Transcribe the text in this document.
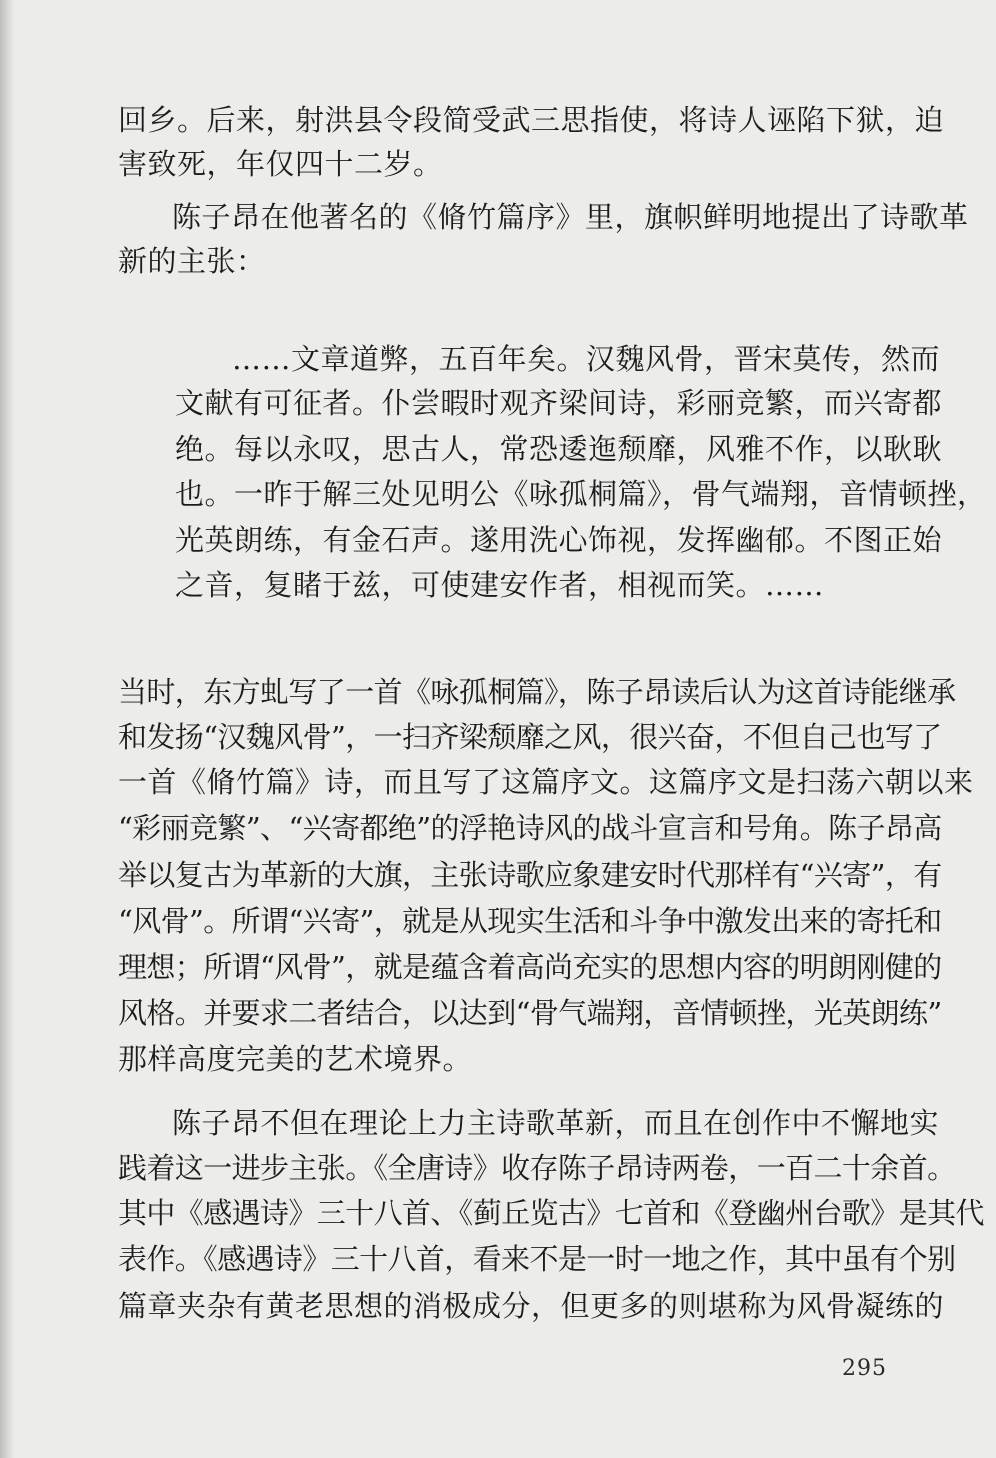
回乡。后来，射洪县令段简受武三思指使，将诗人诬陷下狱，迫
害致死，年仅四十二岁。
陈子昂在他著名的《脩竹篇序》里，旗帜鲜明地提出了诗歌革
新的主张：
……文章道弊，五百年矣。汉魏风骨，晋宋莫传，然而
文献有可征者。仆尝暇时观齐梁间诗，彩丽竞繁，而兴寄都
绝。每以永叹，思古人，常恐逶迤颓靡，风雅不作，以耿耿
也。一昨于解三处见明公《咏孤桐篇》，骨气端翔，音情顿挫，
光英朗练，有金石声。遂用洗心饰视，发挥幽郁。不图正始
之音，复睹于兹，可使建安作者，相视而笑。……
当时，东方虬写了一首《咏孤桐篇》，陈子昂读后认为这首诗能继承
和发扬“汉魏风骨”，一扫齐梁颓靡之风，很兴奋，不但自己也写了
一首《脩竹篇》诗，而且写了这篇序文。这篇序文是扫荡六朝以来
“彩丽竞繁”、“兴寄都绝”的浮艳诗风的战斗宣言和号角。陈子昂高
举以复古为革新的大旗，主张诗歌应象建安时代那样有“兴寄”，有
“风骨”。所谓“兴寄”，就是从现实生活和斗争中激发出来的寄托和
理想；所谓“风骨”，就是蕴含着高尚充实的思想内容的明朗刚健的
风格。并要求二者结合，以达到“骨气端翔，音情顿挫，光英朗练”
那样高度完美的艺术境界。
陈子昂不但在理论上力主诗歌革新，而且在创作中不懈地实
践着这一进步主张。《全唐诗》收存陈子昂诗两卷，一百二十余首。
其中《感遇诗》三十八首、《蓟丘览古》七首和《登幽州台歌》是其代
表作。《感遇诗》三十八首，看来不是一时一地之作，其中虽有个别
篇章夹杂有黄老思想的消极成分，但更多的则堪称为风骨凝练的
295
